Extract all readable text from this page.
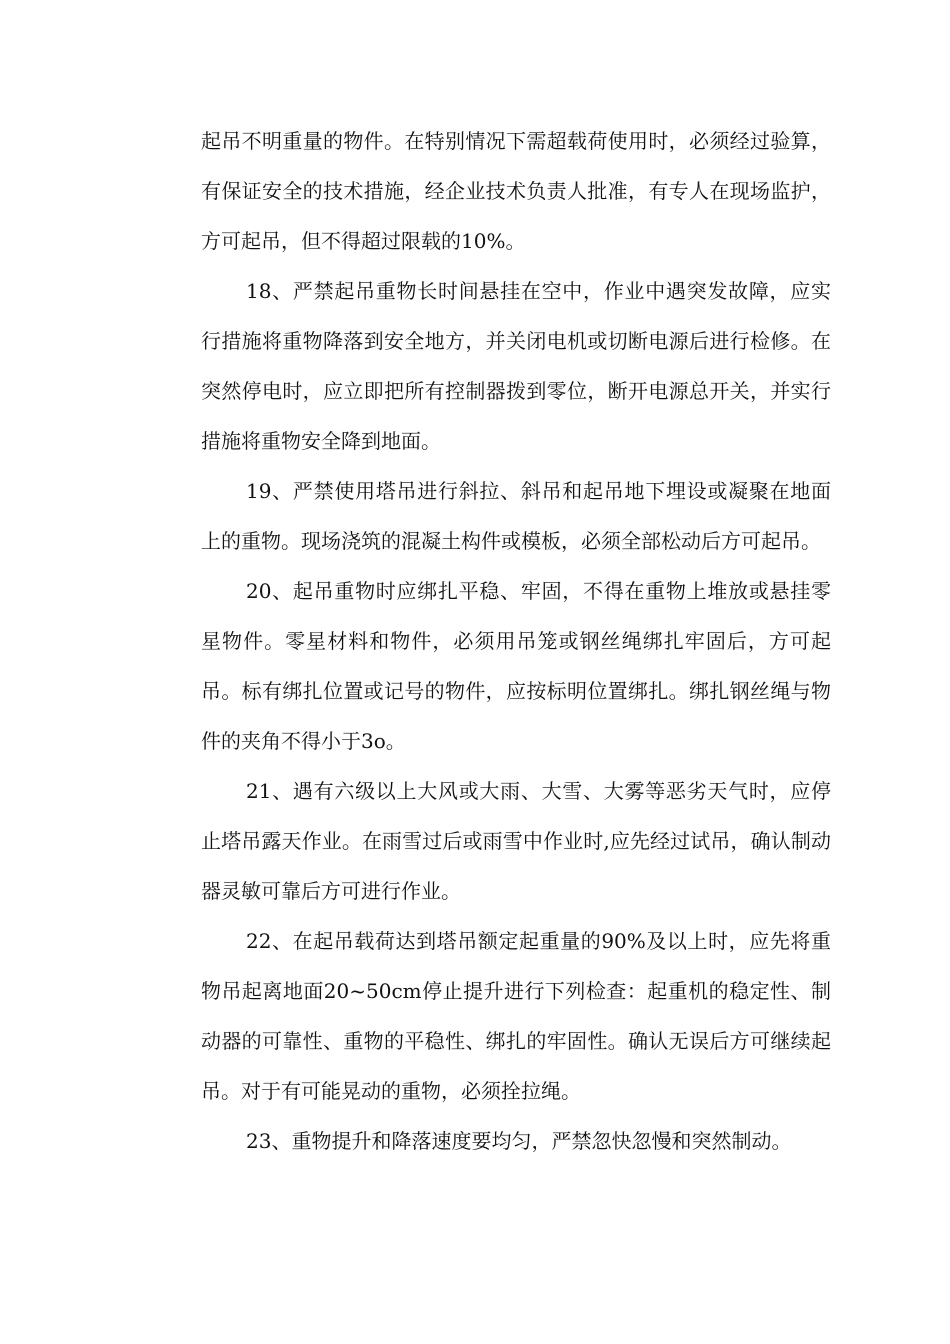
起吊不明重量的物件。在特别情况下需超载荷使用时，必须经过验算，有保证安全的技术措施，经企业技术负责人批准，有专人在现场监护，方可起吊，但不得超过限载的10%。

18、严禁起吊重物长时间悬挂在空中，作业中遇突发故障，应实行措施将重物降落到安全地方，并关闭电机或切断电源后进行检修。在突然停电时，应立即把所有控制器拨到零位，断开电源总开关，并实行措施将重物安全降到地面。

19、严禁使用塔吊进行斜拉、斜吊和起吊地下埋设或凝聚在地面上的重物。现场浇筑的混凝土构件或模板，必须全部松动后方可起吊。

20、起吊重物时应绑扎平稳、牢固，不得在重物上堆放或悬挂零星物件。零星材料和物件，必须用吊笼或钢丝绳绑扎牢固后，方可起吊。标有绑扎位置或记号的物件，应按标明位置绑扎。绑扎钢丝绳与物件的夹角不得小于3o。

21、遇有六级以上大风或大雨、大雪、大雾等恶劣天气时，应停止塔吊露天作业。在雨雪过后或雨雪中作业时,应先经过试吊，确认制动器灵敏可靠后方可进行作业。

22、在起吊载荷达到塔吊额定起重量的90%及以上时，应先将重物吊起离地面20~50cm停止提升进行下列检查：起重机的稳定性、制动器的可靠性、重物的平稳性、绑扎的牢固性。确认无误后方可继续起吊。对于有可能晃动的重物，必须拴拉绳。

23、重物提升和降落速度要均匀，严禁忽快忽慢和突然制动。
